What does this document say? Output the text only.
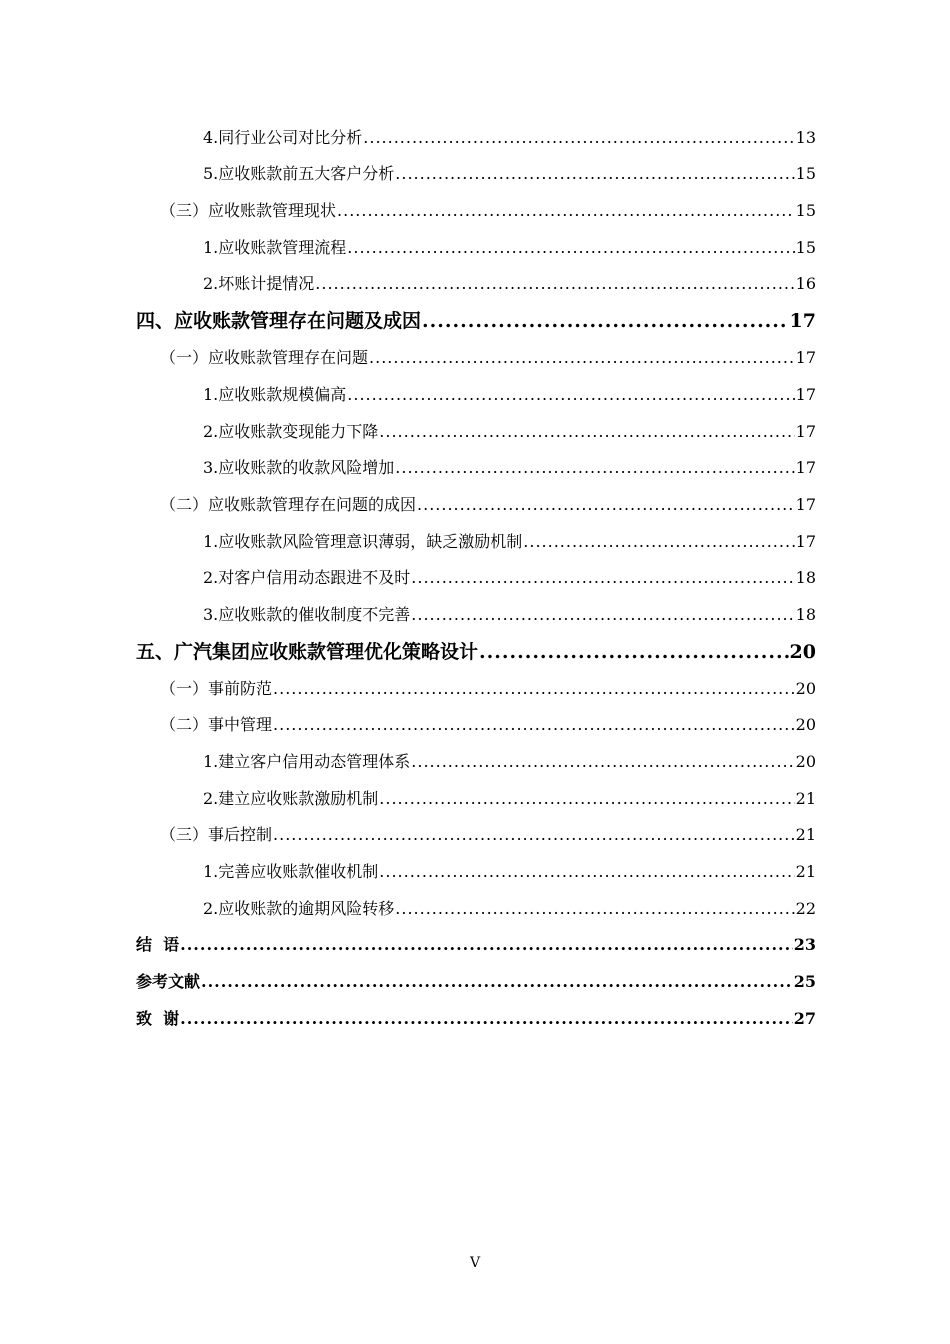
4.同行业公司对比分析 .....	13
5.应收账款前五大客户分析 .....	15
（三）应收账款管理现状 .....	15
1.应收账款管理流程 .....	15
2.坏账计提情况 .....	16
四、应收账款管理存在问题及成因 .....	17
（一）应收账款管理存在问题 .....	17
1.应收账款规模偏高 .....	17
2.应收账款变现能力下降 .....	17
3.应收账款的收款风险增加 .....	17
（二）应收账款管理存在问题的成因 .....	17
1.应收账款风险管理意识薄弱，缺乏激励机制 .....	17
2.对客户信用动态跟进不及时 .....	18
3.应收账款的催收制度不完善 .....	18
五、广汽集团应收账款管理优化策略设计 .....	20
（一）事前防范 .....	20
（二）事中管理 .....	20
1.建立客户信用动态管理体系 .....	20
2.建立应收账款激励机制 .....	21
（三）事后控制 .....	21
1.完善应收账款催收机制 .....	21
2.应收账款的逾期风险转移 .....	22
结  语 .....	23
参考文献 .....	25
致  谢 .....	27
V
